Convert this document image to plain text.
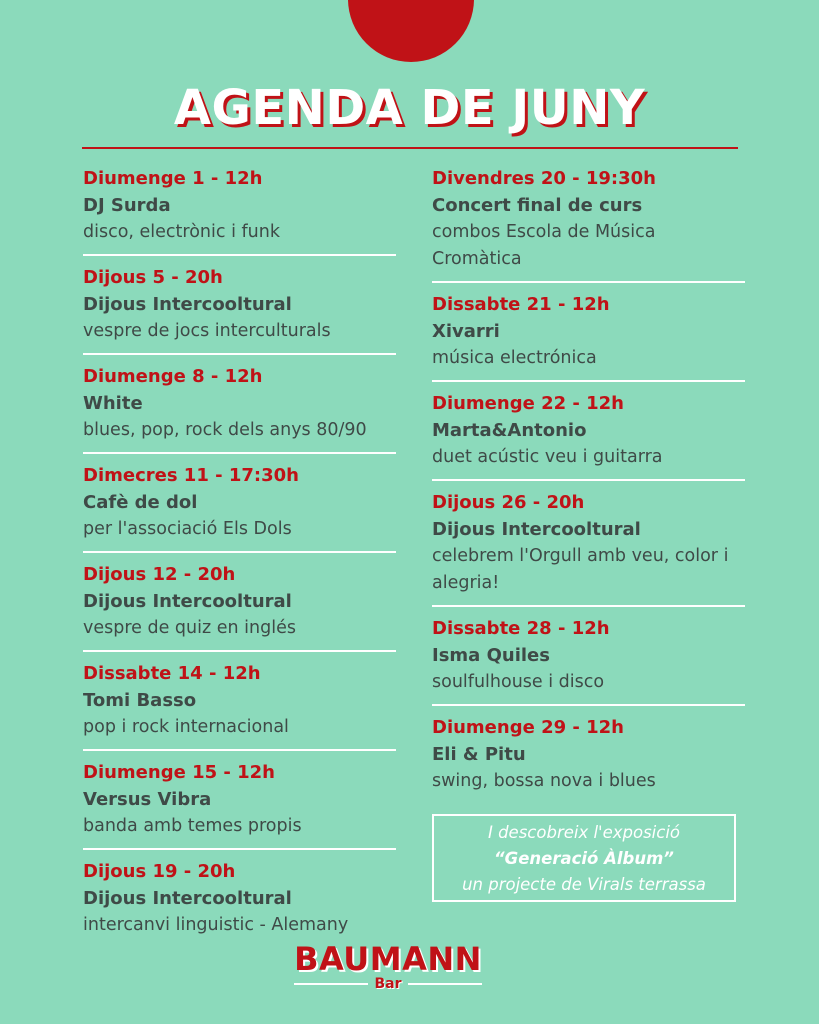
AGENDA DE JUNY
Diumenge 1 - 12h
DJ Surda
disco, electrònic i funk
Dijous 5 - 20h
Dijous Intercooltural
vespre de jocs interculturals
Diumenge 8 - 12h
White
blues, pop, rock dels anys 80/90
Dimecres 11 - 17:30h
Cafè de dol
per l'associació Els Dols
Dijous 12 - 20h
Dijous Intercooltural
vespre de quiz en inglés
Dissabte 14 - 12h
Tomi Basso
pop i rock internacional
Diumenge 15 - 12h
Versus Vibra
banda amb temes propis
Dijous 19 - 20h
Dijous Intercooltural
intercanvi linguistic - Alemany
Divendres 20 - 19:30h
Concert final de curs
combos Escola de Música Cromàtica
Dissabte 21 - 12h
Xivarri
música electrónica
Diumenge 22 - 12h
Marta&Antonio
duet acústic veu i guitarra
Dijous 26 - 20h
Dijous Intercooltural
celebrem l'Orgull amb veu, color i alegria!
Dissabte 28 - 12h
Isma Quiles
soulfulhouse i disco
Diumenge 29 - 12h
Eli & Pitu
swing, bossa nova i blues
I descobreix l'exposició
“Generació Àlbum”
un projecte de Virals terrassa
BAUMANN
Bar
